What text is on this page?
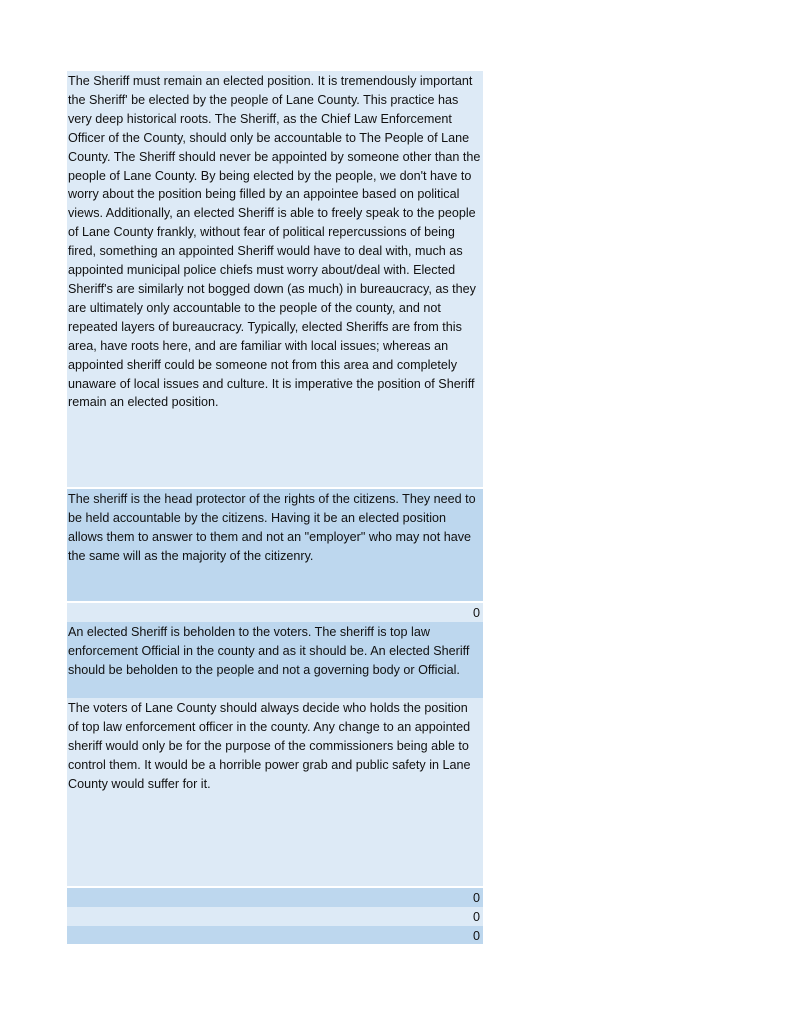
The Sheriff must remain an elected position. It is tremendously important the Sheriff' be elected by the people of Lane County. This practice has very deep historical roots. The Sheriff, as the Chief Law Enforcement Officer of the County, should only be accountable to The People of Lane County. The Sheriff should never be appointed by someone other than the people of Lane County. By being elected by the people, we don't have to worry about the position being filled by an appointee based on political views. Additionally, an elected Sheriff is able to freely speak to the people of Lane County frankly, without fear of political repercussions of being fired, something an appointed Sheriff would have to deal with, much as appointed municipal police chiefs must worry about/deal with. Elected Sheriff's are similarly not bogged down (as much) in bureaucracy, as they are ultimately only accountable to the people of the county, and not repeated layers of bureaucracy. Typically, elected Sheriffs are from this area, have roots here, and are familiar with local issues; whereas an appointed sheriff could be someone not from this area and completely unaware of local issues and culture. It is imperative the position of Sheriff remain an elected position.
The sheriff is the head protector of the rights of the citizens. They need to be held accountable by the citizens. Having it be an elected position allows them to answer to them and not an "employer" who may not have the same will as the majority of the citizenry.
0
An elected Sheriff is beholden to the voters. The sheriff is top law enforcement Official in the county and as it should be. An elected Sheriff should be beholden to the people and not a governing body or Official.
The voters of Lane County should always decide who holds the position of top law enforcement officer in the county. Any change to an appointed sheriff would only be for the purpose of the commissioners being able to control them. It would be a horrible power grab and public safety in Lane County would suffer for it.
0
0
0
